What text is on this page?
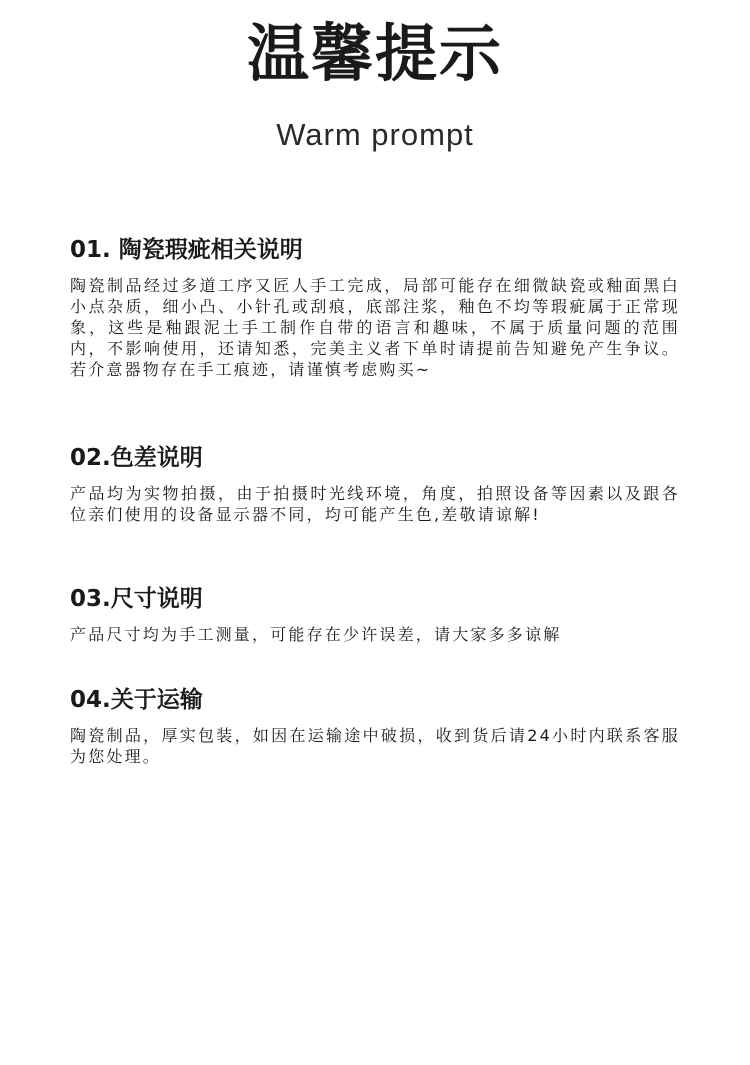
温馨提示
Warm prompt
01. 陶瓷瑕疵相关说明
陶瓷制品经过多道工序又匠人手工完成，局部可能存在细微缺瓷或釉面黑白小点杂质，细小凸、小针孔或刮痕，底部注浆，釉色不均等瑕疵属于正常现象，这些是釉跟泥土手工制作自带的语言和趣味，不属于质量问题的范围内，不影响使用，还请知悉，完美主义者下单时请提前告知避免产生争议。若介意器物存在手工痕迹，请谨慎考虑购买~
02.色差说明
产品均为实物拍摄，由于拍摄时光线环境，角度，拍照设备等因素以及跟各位亲们使用的设备显示器不同，均可能产生色,差敬请谅解!
03.尺寸说明
产品尺寸均为手工测量，可能存在少许误差，请大家多多谅解
04.关于运输
陶瓷制品，厚实包装，如因在运输途中破损，收到货后请24小时内联系客服为您处理。
